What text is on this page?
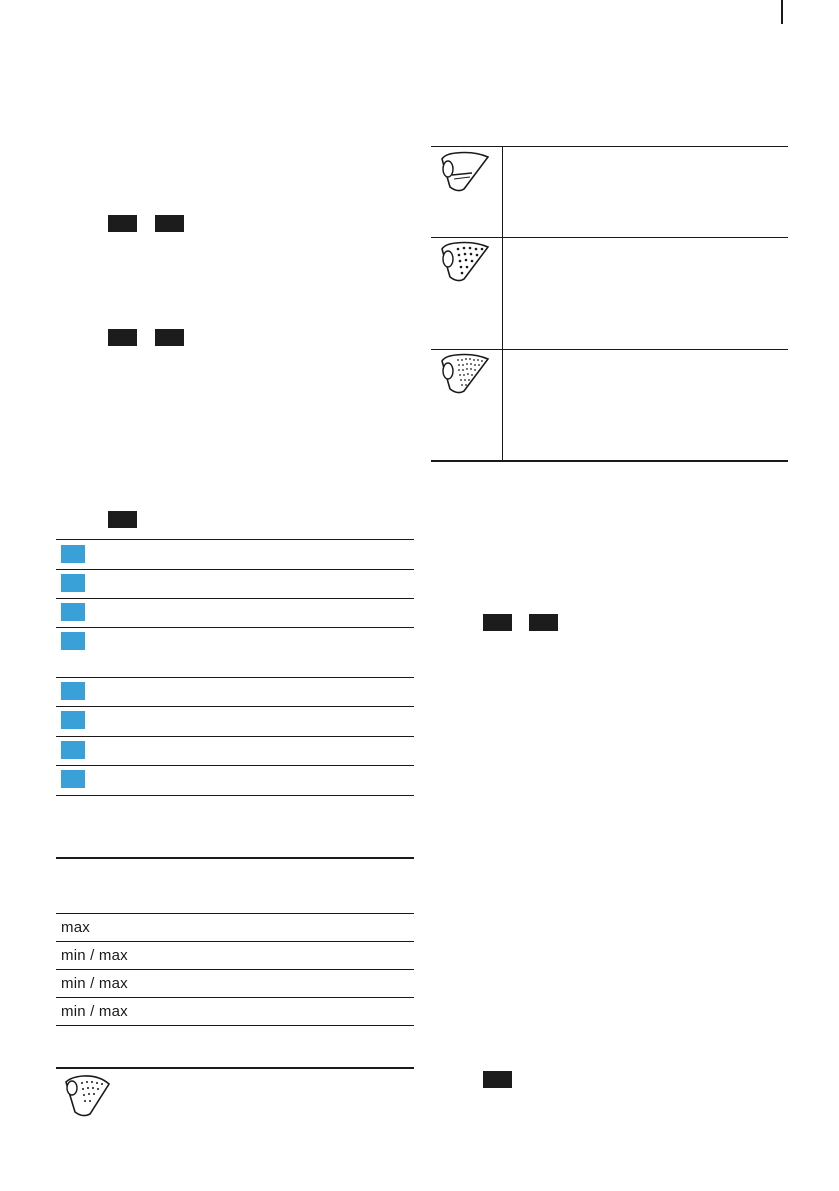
max
min / max
min / max
min / max
